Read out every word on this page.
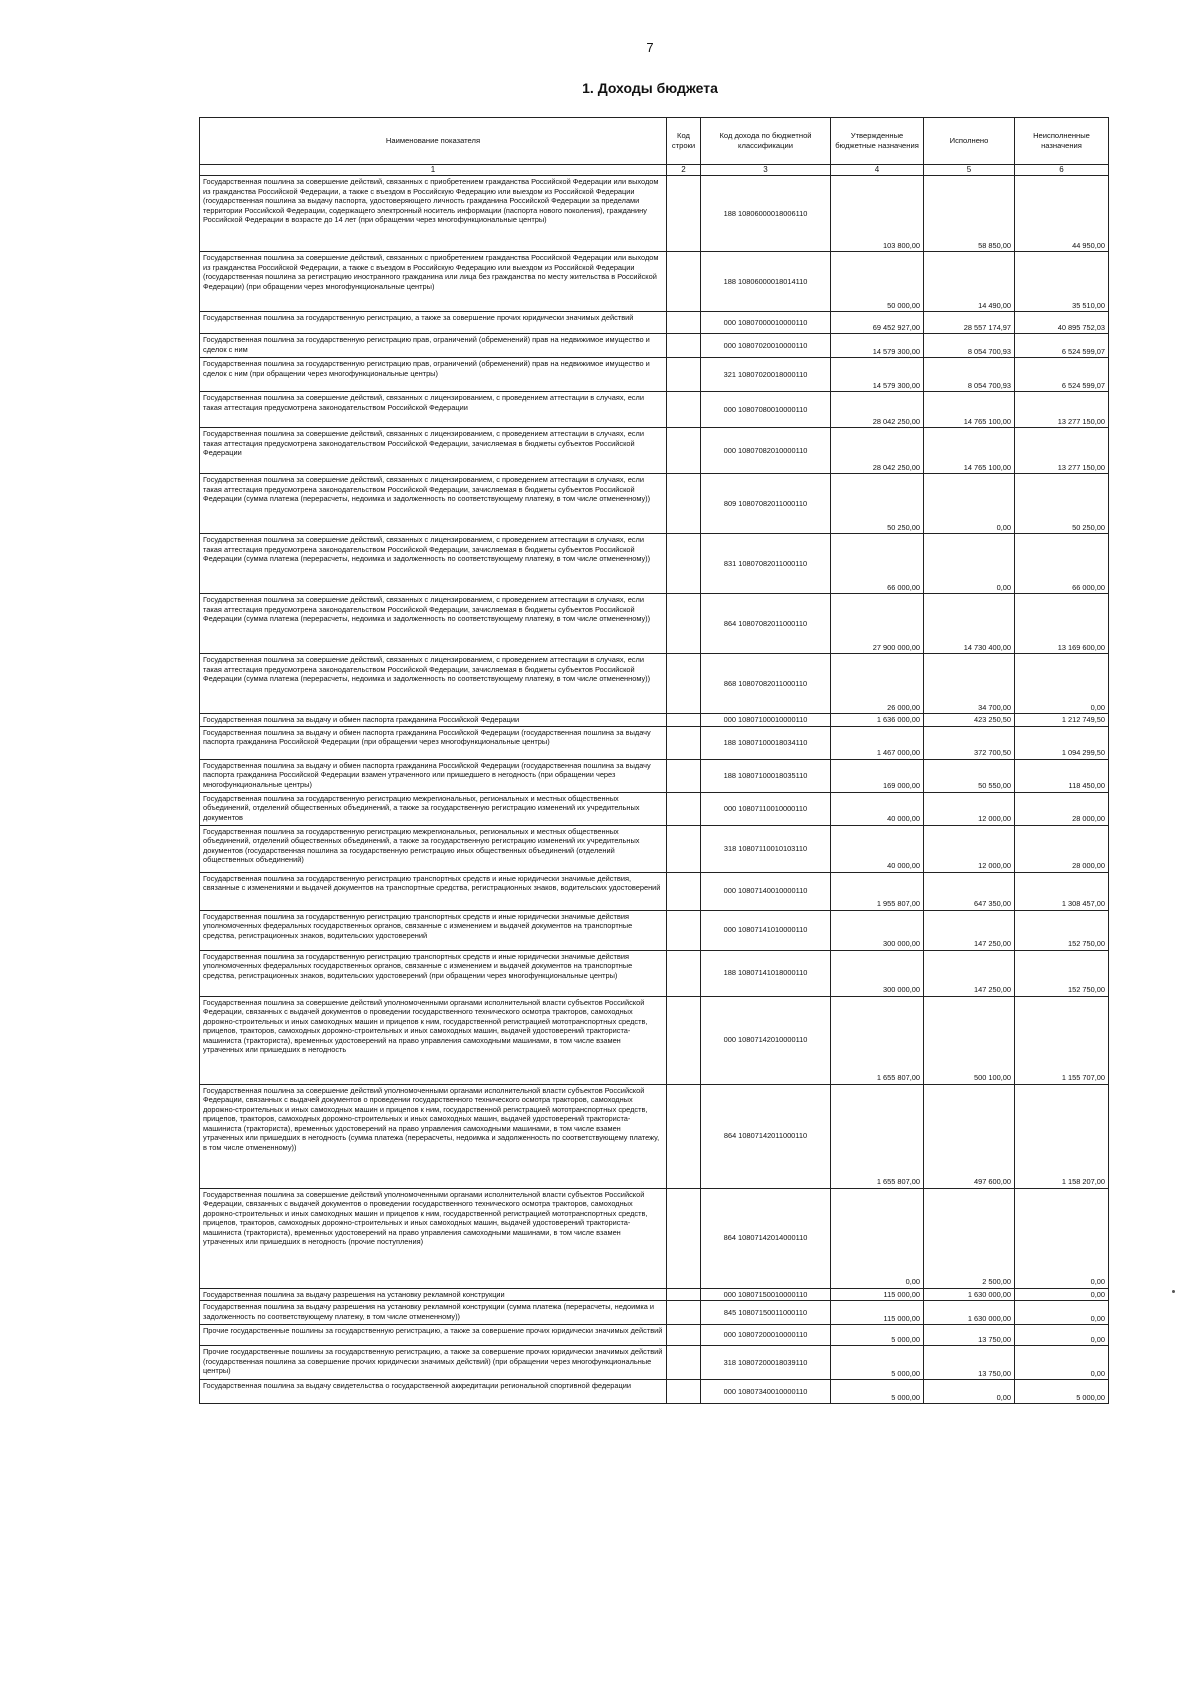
7
1. Доходы бюджета
Наименование показателя	Код строки	Код дохода по бюджетной классификации	Утвержденные бюджетные назначения	Исполнено	Неисполненные назначения
1	2	3	4	5	6
Государственная пошлина за совершение действий, связанных с приобретением гражданства Российской Федерации или выходом из гражданства Российской Федерации, а также с въездом в Российскую Федерацию или выездом из Российской Федерации (государственная пошлина за выдачу паспорта, удостоверяющего личность гражданина Российской Федерации за пределами территории Российской Федерации, содержащего электронный носитель информации (паспорта нового поколения), гражданину Российской Федерации в возрасте до 14 лет (при обращении через многофункциональные центры)		188 10806000018006110	103 800,00	58 850,00	44 950,00
Государственная пошлина за совершение действий, связанных с приобретением гражданства Российской Федерации или выходом из гражданства Российской Федерации, а также с въездом в Российскую Федерацию или выездом из Российской Федерации (государственная пошлина за регистрацию иностранного гражданина или лица без гражданства по месту жительства в Российской Федерации) (при обращении через многофункциональные центры)		188 10806000018014110	50 000,00	14 490,00	35 510,00
Государственная пошлина за государственную регистрацию, а также за совершение прочих юридически значимых действий		000 10807000010000110	69 452 927,00	28 557 174,97	40 895 752,03
Государственная пошлина за государственную регистрацию прав, ограничений (обременений) прав на недвижимое имущество и сделок с ним		000 10807020010000110	14 579 300,00	8 054 700,93	6 524 599,07
Государственная пошлина за государственную регистрацию прав, ограничений (обременений) прав на недвижимое имущество и сделок с ним (при обращении через многофункциональные центры)		321 10807020018000110	14 579 300,00	8 054 700,93	6 524 599,07
Государственная пошлина за совершение действий, связанных с лицензированием, с проведением аттестации в случаях, если такая аттестация предусмотрена законодательством Российской Федерации		000 10807080010000110	28 042 250,00	14 765 100,00	13 277 150,00
Государственная пошлина за совершение действий, связанных с лицензированием, с проведением аттестации в случаях, если такая аттестация предусмотрена законодательством Российской Федерации, зачисляемая в бюджеты субъектов Российской Федерации		000 10807082010000110	28 042 250,00	14 765 100,00	13 277 150,00
Государственная пошлина за совершение действий, связанных с лицензированием, с проведением аттестации в случаях, если такая аттестация предусмотрена законодательством Российской Федерации, зачисляемая в бюджеты субъектов Российской Федерации (сумма платежа (перерасчеты, недоимка и задолженность по соответствующему платежу, в том числе отмененному))		809 10807082011000110	50 250,00	0,00	50 250,00
Государственная пошлина за совершение действий, связанных с лицензированием, с проведением аттестации в случаях, если такая аттестация предусмотрена законодательством Российской Федерации, зачисляемая в бюджеты субъектов Российской Федерации (сумма платежа (перерасчеты, недоимка и задолженность по соответствующему платежу, в том числе отмененному))		831 10807082011000110	66 000,00	0,00	66 000,00
Государственная пошлина за совершение действий, связанных с лицензированием, с проведением аттестации в случаях, если такая аттестация предусмотрена законодательством Российской Федерации, зачисляемая в бюджеты субъектов Российской Федерации (сумма платежа (перерасчеты, недоимка и задолженность по соответствующему платежу, в том числе отмененному))		864 10807082011000110	27 900 000,00	14 730 400,00	13 169 600,00
Государственная пошлина за совершение действий, связанных с лицензированием, с проведением аттестации в случаях, если такая аттестация предусмотрена законодательством Российской Федерации, зачисляемая в бюджеты субъектов Российской Федерации (сумма платежа (перерасчеты, недоимка и задолженность по соответствующему платежу, в том числе отмененному))		868 10807082011000110	26 000,00	34 700,00	0,00
Государственная пошлина за выдачу и обмен паспорта гражданина Российской Федерации		000 10807100010000110	1 636 000,00	423 250,50	1 212 749,50
Государственная пошлина за выдачу и обмен паспорта гражданина Российской Федерации (государственная пошлина за выдачу паспорта гражданина Российской Федерации (при обращении через многофункциональные центры)		188 10807100018034110	1 467 000,00	372 700,50	1 094 299,50
Государственная пошлина за выдачу и обмен паспорта гражданина Российской Федерации (государственная пошлина за выдачу паспорта гражданина Российской Федерации взамен утраченного или пришедшего в негодность (при обращении через многофункциональные центры)		188 10807100018035110	169 000,00	50 550,00	118 450,00
Государственная пошлина за государственную регистрацию межрегиональных, региональных и местных общественных объединений, отделений общественных объединений, а также за государственную регистрацию изменений их учредительных документов		000 10807110010000110	40 000,00	12 000,00	28 000,00
Государственная пошлина за государственную регистрацию межрегиональных, региональных и местных общественных объединений, отделений общественных объединений, а также за государственную регистрацию изменений их учредительных документов (государственная пошлина за государственную регистрацию иных общественных объединений (отделений общественных объединений)		318 10807110010103110	40 000,00	12 000,00	28 000,00
Государственная пошлина за государственную регистрацию транспортных средств и иные юридически значимые действия, связанные с изменениями и выдачей документов на транспортные средства, регистрационных знаков, водительских удостоверений		000 10807140010000110	1 955 807,00	647 350,00	1 308 457,00
Государственная пошлина за государственную регистрацию транспортных средств и иные юридически значимые действия уполномоченных федеральных государственных органов, связанные с изменением и выдачей документов на транспортные средства, регистрационных знаков, водительских удостоверений		000 10807141010000110	300 000,00	147 250,00	152 750,00
Государственная пошлина за государственную регистрацию транспортных средств и иные юридически значимые действия уполномоченных федеральных государственных органов, связанные с изменением и выдачей документов на транспортные средства, регистрационных знаков, водительских удостоверений (при обращении через многофункциональные центры)		188 10807141018000110	300 000,00	147 250,00	152 750,00
Государственная пошлина за совершение действий уполномоченными органами исполнительной власти субъектов Российской Федерации, связанных с выдачей документов о проведении государственного технического осмотра тракторов, самоходных дорожно-строительных и иных самоходных машин и прицепов к ним, государственной регистрацией мототранспортных средств, прицепов, тракторов, самоходных дорожно-строительных и иных самоходных машин, выдачей удостоверений тракториста-машиниста (тракториста), временных удостоверений на право управления самоходными машинами, в том числе взамен утраченных или пришедших в негодность		000 10807142010000110	1 655 807,00	500 100,00	1 155 707,00
Государственная пошлина за совершение действий уполномоченными органами исполнительной власти субъектов Российской Федерации, связанных с выдачей документов о проведении государственного технического осмотра тракторов, самоходных дорожно-строительных и иных самоходных машин и прицепов к ним, государственной регистрацией мототранспортных средств, прицепов, тракторов, самоходных дорожно-строительных и иных самоходных машин, выдачей удостоверений тракториста-машиниста (тракториста), временных удостоверений на право управления самоходными машинами, в том числе взамен утраченных или пришедших в негодность (сумма платежа (перерасчеты, недоимка и задолженность по соответствующему платежу, в том числе отмененному))		864 10807142011000110	1 655 807,00	497 600,00	1 158 207,00
Государственная пошлина за совершение действий уполномоченными органами исполнительной власти субъектов Российской Федерации, связанных с выдачей документов о проведении государственного технического осмотра тракторов, самоходных дорожно-строительных и иных самоходных машин и прицепов к ним, государственной регистрацией мототранспортных средств, прицепов, тракторов, самоходных дорожно-строительных и иных самоходных машин, выдачей удостоверений тракториста-машиниста (тракториста), временных удостоверений на право управления самоходными машинами, в том числе взамен утраченных или пришедших в негодность (прочие поступления)		864 10807142014000110	0,00	2 500,00	0,00
Государственная пошлина за выдачу разрешения на установку рекламной конструкции		000 10807150010000110	115 000,00	1 630 000,00	0,00
Государственная пошлина за выдачу разрешения на установку рекламной конструкции (сумма платежа (перерасчеты, недоимка и задолженность по соответствующему платежу, в том числе отмененному))		845 10807150011000110	115 000,00	1 630 000,00	0,00
Прочие государственные пошлины за государственную регистрацию, а также за совершение прочих юридически значимых действий		000 10807200010000110	5 000,00	13 750,00	0,00
Прочие государственные пошлины за государственную регистрацию, а также за совершение прочих юридически значимых действий (государственная пошлина за совершение прочих юридически значимых действий) (при обращении через многофункциональные центры)		318 10807200018039110	5 000,00	13 750,00	0,00
Государственная пошлина за выдачу свидетельства о государственной аккредитации региональной спортивной федерации		000 10807340010000110	5 000,00	0,00	5 000,00
